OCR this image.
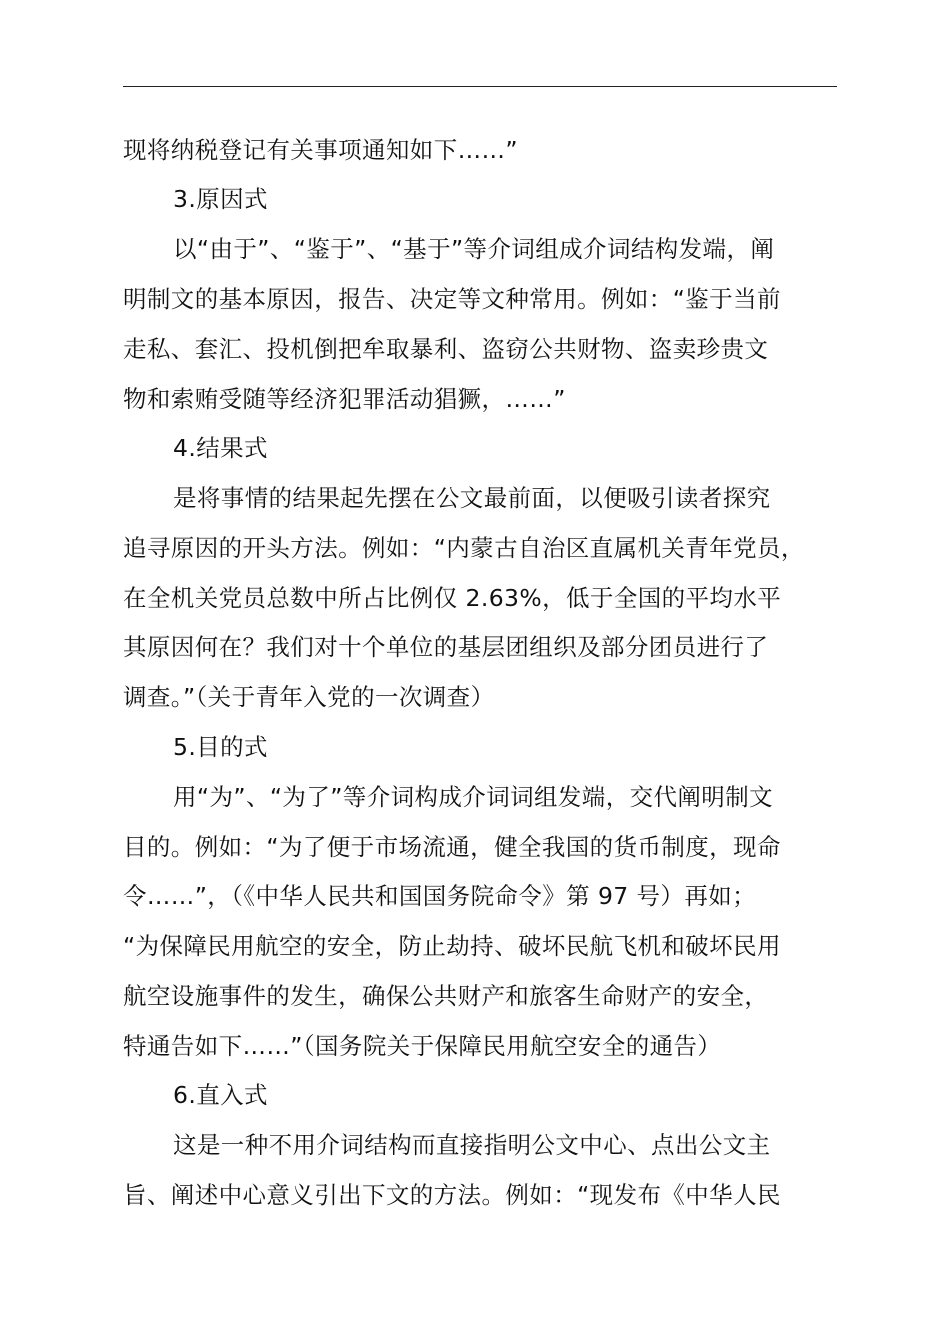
现将纳税登记有关事项通知如下……”
3.原因式
以“由于”、“鉴于”、“基于”等介词组成介词结构发端，阐
明制文的基本原因，报告、决定等文种常用。例如：“鉴于当前
走私、套汇、投机倒把牟取暴利、盗窃公共财物、盗卖珍贵文
物和索贿受随等经济犯罪活动猖獗，……”
4.结果式
是将事情的结果起先摆在公文最前面，以便吸引读者探究
追寻原因的开头方法。例如：“内蒙古自治区直属机关青年党员，
在全机关党员总数中所占比例仅 2.63%，低于全国的平均水平
其原因何在？我们对十个单位的基层团组织及部分团员进行了
调查。”（关于青年入党的一次调查）
5.目的式
用“为”、“为了”等介词构成介词词组发端，交代阐明制文
目的。例如：“为了便于市场流通，健全我国的货币制度，现命
令……”，（《中华人民共和国国务院命令》第 97 号）再如；
“为保障民用航空的安全，防止劫持、破坏民航飞机和破坏民用
航空设施事件的发生，确保公共财产和旅客生命财产的安全，
特通告如下……”（国务院关于保障民用航空安全的通告）
6.直入式
这是一种不用介词结构而直接指明公文中心、点出公文主
旨、阐述中心意义引出下文的方法。例如：“现发布《中华人民
